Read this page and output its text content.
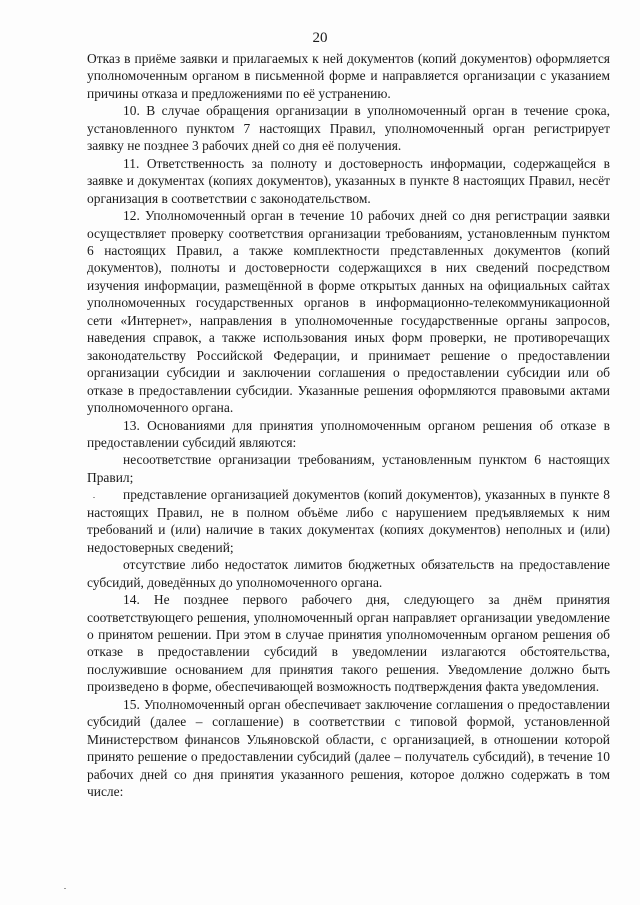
20

Отказ в приёме заявки и прилагаемых к ней документов (копий документов) оформляется уполномоченным органом в письменной форме и направляется организации с указанием причины отказа и предложениями по её устранению.

10. В случае обращения организации в уполномоченный орган в течение срока, установленного пунктом 7 настоящих Правил, уполномоченный орган регистрирует заявку не позднее 3 рабочих дней со дня её получения.

11. Ответственность за полноту и достоверность информации, содержащейся в заявке и документах (копиях документов), указанных в пункте 8 настоящих Правил, несёт организация в соответствии с законодательством.

12. Уполномоченный орган в течение 10 рабочих дней со дня регистрации заявки осуществляет проверку соответствия организации требованиям, установленным пунктом 6 настоящих Правил, а также комплектности представленных документов (копий документов), полноты и достоверности содержащихся в них сведений посредством изучения информации, размещённой в форме открытых данных на официальных сайтах уполномоченных государственных органов в информационно-телекоммуникационной сети «Интернет», направления в уполномоченные государственные органы запросов, наведения справок, а также использования иных форм проверки, не противоречащих законодательству Российской Федерации, и принимает решение о предоставлении организации субсидии и заключении соглашения о предоставлении субсидии или об отказе в предоставлении субсидии. Указанные решения оформляются правовыми актами уполномоченного органа.

13. Основаниями для принятия уполномоченным органом решения об отказе в предоставлении субсидий являются:

несоответствие организации требованиям, установленным пунктом 6 настоящих Правил;

представление организацией документов (копий документов), указанных в пункте 8 настоящих Правил, не в полном объёме либо с нарушением предъявляемых к ним требований и (или) наличие в таких документах (копиях документов) неполных и (или) недостоверных сведений;

отсутствие либо недостаток лимитов бюджетных обязательств на предоставление субсидий, доведённых до уполномоченного органа.

14. Не позднее первого рабочего дня, следующего за днём принятия соответствующего решения, уполномоченный орган направляет организации уведомление о принятом решении. При этом в случае принятия уполномоченным органом решения об отказе в предоставлении субсидий в уведомлении излагаются обстоятельства, послужившие основанием для принятия такого решения. Уведомление должно быть произведено в форме, обеспечивающей возможность подтверждения факта уведомления.

15. Уполномоченный орган обеспечивает заключение соглашения о предоставлении субсидий (далее – соглашение) в соответствии с типовой формой, установленной Министерством финансов Ульяновской области, с организацией, в отношении которой принято решение о предоставлении субсидий (далее – получатель субсидий), в течение 10 рабочих дней со дня принятия указанного решения, которое должно содержать в том числе:
